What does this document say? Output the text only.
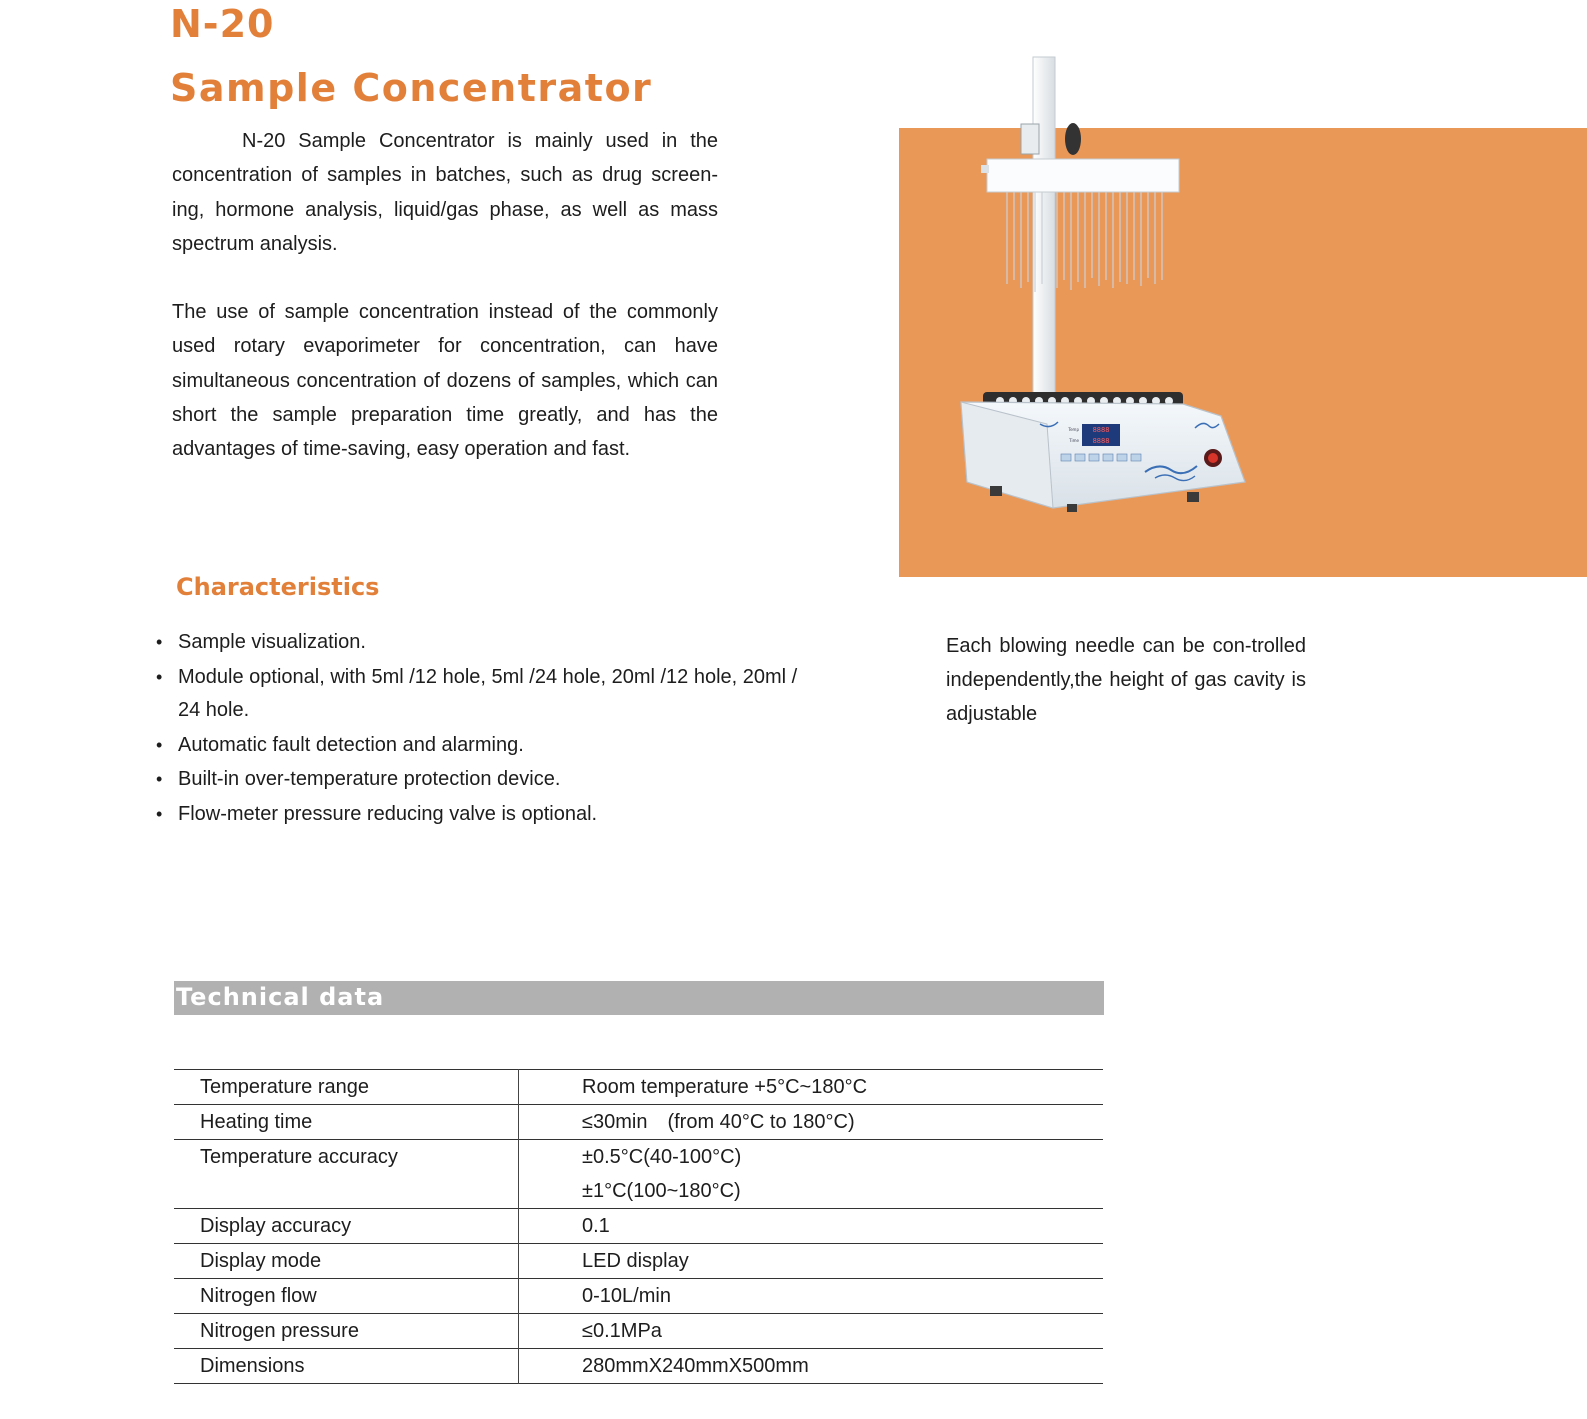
N-20
Sample Concentrator

N-20 Sample Concentrator is mainly used in the concentration of samples in batches, such as drug screen-ing, hormone analysis, liquid/gas phase, as well as mass spectrum analysis.

The use of sample concentration instead of the commonly used rotary evaporimeter for concentration, can have simultaneous concentration of dozens of samples, which can short the sample preparation time greatly, and has the advantages of time-saving, easy operation and fast.

8888
8888
Temp
Time
Characteristics
• Sample visualization.
• Module optional, with 5ml /12 hole, 5ml /24 hole, 20ml /12 hole, 20ml / 24 hole.
• Automatic fault detection and alarming.
• Built-in over-temperature protection device.
• Flow-meter pressure reducing valve is optional.
Each blowing needle can be con-trolled independently,the height of gas cavity is adjustable
Technical data
Temperature range	Room temperature +5°C~180°C

Heating time	≤30min　(from 40°C to 180°C)

Temperature accuracy	±0.5°C(40-100°C)
±1°C(100~180°C)

Display accuracy	0.1

Display mode	LED display

Nitrogen flow	0-10L/min

Nitrogen pressure	≤0.1MPa

Dimensions	280mmX240mmX500mm
